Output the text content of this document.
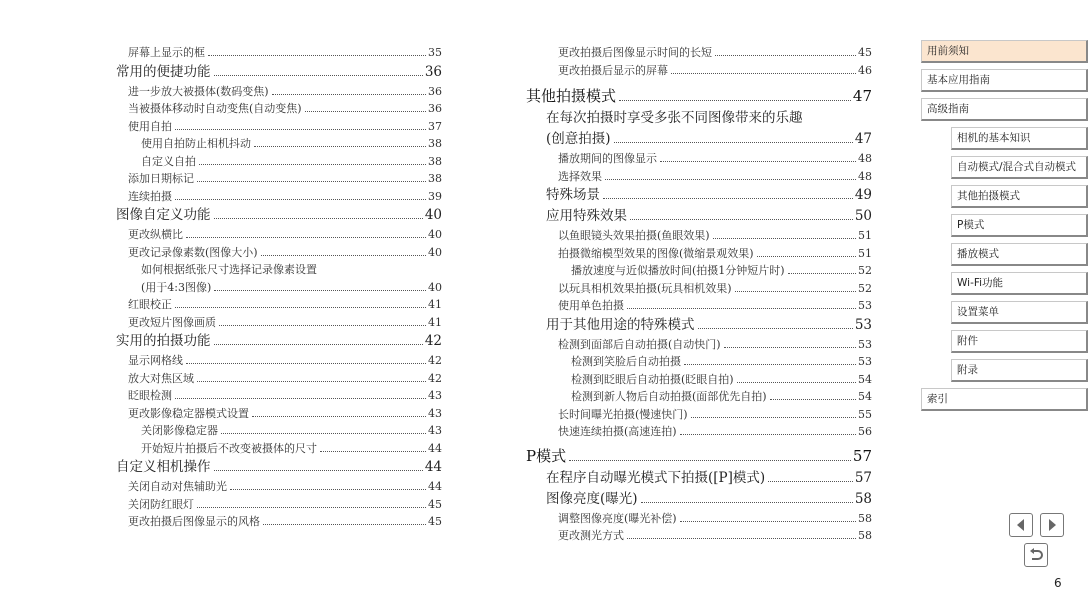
屏幕上显示的框	35
常用的便捷功能	36
进一步放大被摄体(数码变焦)	36
当被摄体移动时自动变焦(自动变焦)	36
使用自拍	37
使用自拍防止相机抖动	38
自定义自拍	38
添加日期标记	38
连续拍摄	39
图像自定义功能	40
更改纵横比	40
更改记录像素数(图像大小)	40
如何根据纸张尺寸选择记录像素设置
(用于4:3图像)	40
红眼校正	41
更改短片图像画质	41
实用的拍摄功能	42
显示网格线	42
放大对焦区域	42
眨眼检测	43
更改影像稳定器模式设置	43
关闭影像稳定器	43
开始短片拍摄后不改变被摄体的尺寸	44
自定义相机操作	44
关闭自动对焦辅助光	44
关闭防红眼灯	45
更改拍摄后图像显示的风格	45
更改拍摄后图像显示时间的长短	45
更改拍摄后显示的屏幕	46
其他拍摄模式	47
在每次拍摄时享受多张不同图像带来的乐趣
(创意拍摄)	47
播放期间的图像显示	48
选择效果	48
特殊场景	49
应用特殊效果	50
以鱼眼镜头效果拍摄(鱼眼效果)	51
拍摄微缩模型效果的图像(微缩景观效果)	51
播放速度与近似播放时间(拍摄1分钟短片时)	52
以玩具相机效果拍摄(玩具相机效果)	52
使用单色拍摄	53
用于其他用途的特殊模式	53
检测到面部后自动拍摄(自动快门)	53
检测到笑脸后自动拍摄	53
检测到眨眼后自动拍摄(眨眼自拍)	54
检测到新人物后自动拍摄(面部优先自拍)	54
长时间曝光拍摄(慢速快门)	55
快速连续拍摄(高速连拍)	56
P模式	57
在程序自动曝光模式下拍摄([P]模式)	57
图像亮度(曝光)	58
调整图像亮度(曝光补偿)	58
更改测光方式	58
用前须知
基本应用指南
高级指南
相机的基本知识
自动模式/混合式自动模式
其他拍摄模式
P模式
播放模式
Wi-Fi功能
设置菜单
附件
附录
索引
6
